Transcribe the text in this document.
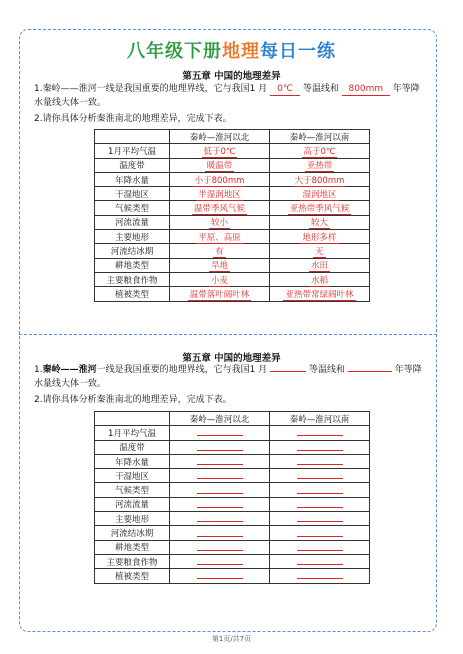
八年级下册地理每日一练
第五章 中国的地理差异
1.秦岭——淮河一线是我国重要的地理界线，它与我国1 月 0℃ 等温线和 800mm 年等降
水量线大体一致。
2.请你具体分析秦淮南北的地理差异，完成下表。
	秦岭—淮河以北	秦岭—淮河以南
1月平均气温	低于0℃	高于0℃
温度带	暖温带	亚热带
年降水量	小于800mm	大于800mm
干湿地区	半湿润地区	湿润地区
气候类型	温带季风气候	亚热带季风气候
河流流量	较小	较大
主要地形	平原、高原	地形多样
河流结冰期	有	无
耕地类型	旱地	水田
主要粮食作物	小麦	水稻
植被类型	温带落叶阔叶林	亚热带常绿阔叶林
第五章 中国的地理差异
1.秦岭——淮河一线是我国重要的地理界线，它与我国1 月	等温线和	年等降
水量线大体一致。
2.请你具体分析秦淮南北的地理差异，完成下表。
	秦岭—淮河以北	秦岭—淮河以南
1月平均气温		
温度带		
年降水量		
干湿地区		
气候类型		
河流流量		
主要地形		
河流结冰期		
耕地类型		
主要粮食作物		
植被类型		
第1页/共7页
